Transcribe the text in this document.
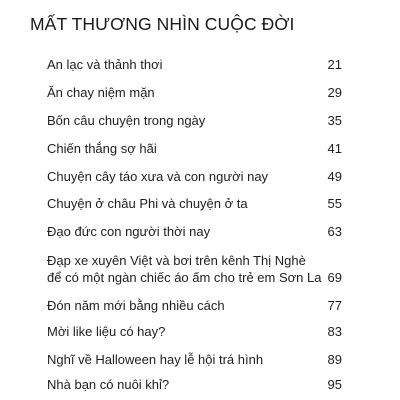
MẤT THƯƠNG NHÌN CUỘC ĐỜI
An lạc và thảnh thơi	21
Ăn chay niệm mặn	29
Bốn câu chuyện trong ngày	35
Chiến thắng sợ hãi	41
Chuyện cây táo xưa và con người nay	49
Chuyện ở châu Phi và chuyện ở ta	55
Đạo đức con người thời nay	63
Đạp xe xuyên Việt và bơi trên kênh Thị Nghè
để có một ngàn chiếc áo ấm cho trẻ em Sơn La 69
Đón năm mới bằng nhiều cách	77
Mời like liệu có hay?	83
Nghĩ về Halloween hay lễ hội trá hình	89
Nhà bạn có nuôi khỉ?	95
